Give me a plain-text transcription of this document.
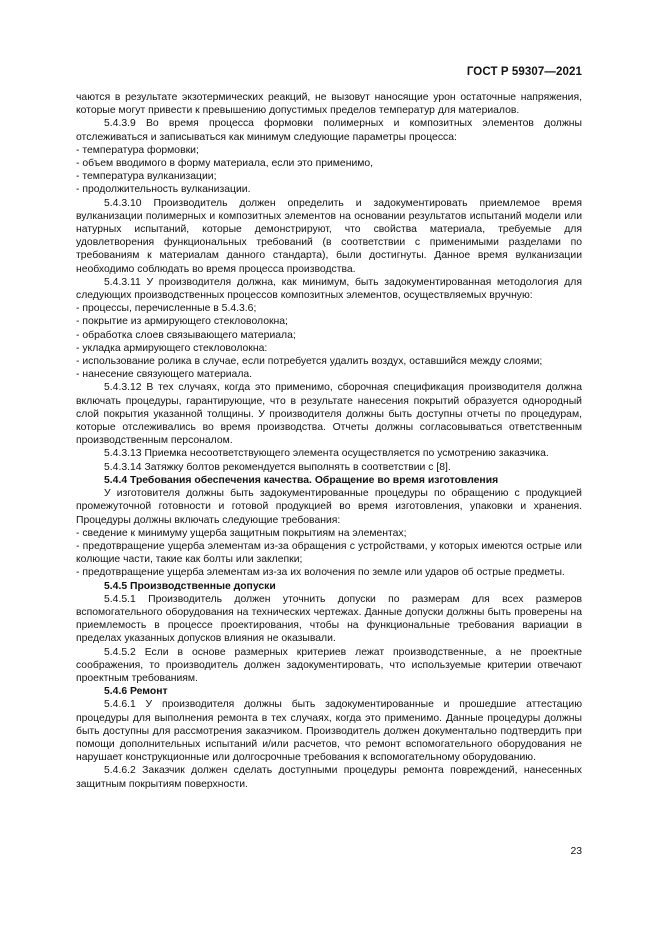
ГОСТ Р 59307—2021

чаются в результате экзотермических реакций, не вызовут наносящие урон остаточные напряжения, которые могут привести к превышению допустимых пределов температур для материалов.

5.4.3.9 Во время процесса формовки полимерных и композитных элементов должны отслеживаться и записываться как минимум следующие параметры процесса:

- температура формовки;

- объем вводимого в форму материала, если это применимо,

- температура вулканизации;

- продолжительность вулканизации.

5.4.3.10 Производитель должен определить и задокументировать приемлемое время вулканизации полимерных и композитных элементов на основании результатов испытаний модели или натурных испытаний, которые демонстрируют, что свойства материала, требуемые для удовлетворения функциональных требований (в соответствии с применимыми разделами по требованиям к материалам данного стандарта), были достигнуты. Данное время вулканизации необходимо соблюдать во время процесса производства.

5.4.3.11 У производителя должна, как минимум, быть задокументированная методология для следующих производственных процессов композитных элементов, осуществляемых вручную:

- процессы, перечисленные в 5.4.3.6;

- покрытие из армирующего стекловолокна;

- обработка слоев связывающего материала;

- укладка армирующего стекловолокна:

- использование ролика в случае, если потребуется удалить воздух, оставшийся между слоями;

- нанесение связующего материала.

5.4.3.12 В тех случаях, когда это применимо, сборочная спецификация производителя должна включать процедуры, гарантирующие, что в результате нанесения покрытий образуется однородный слой покрытия указанной толщины. У производителя должны быть доступны отчеты по процедурам, которые отслеживались во время производства. Отчеты должны согласовываться ответственным производственным персоналом.

5.4.3.13 Приемка несоответствующего элемента осуществляется по усмотрению заказчика.

5.4.3.14 Затяжку болтов рекомендуется выполнять в соответствии с [8].

5.4.4 Требования обеспечения качества. Обращение во время изготовления

У изготовителя должны быть задокументированные процедуры по обращению с продукцией промежуточной готовности и готовой продукцией во время изготовления, упаковки и хранения. Процедуры должны включать следующие требования:

- сведение к минимуму ущерба защитным покрытиям на элементах;

- предотвращение ущерба элементам из-за обращения с устройствами, у которых имеются острые или колющие части, такие как болты или заклепки;

- предотвращение ущерба элементам из-за их волочения по земле или ударов об острые предметы.

5.4.5 Производственные допуски

5.4.5.1 Производитель должен уточнить допуски по размерам для всех размеров вспомогательного оборудования на технических чертежах. Данные допуски должны быть проверены на приемлемость в процессе проектирования, чтобы на функциональные требования вариации в пределах указанных допусков влияния не оказывали.

5.4.5.2 Если в основе размерных критериев лежат производственные, а не проектные соображения, то производитель должен задокументировать, что используемые критерии отвечают проектным требованиям.

5.4.6 Ремонт

5.4.6.1 У производителя должны быть задокументированные и прошедшие аттестацию процедуры для выполнения ремонта в тех случаях, когда это применимо. Данные процедуры должны быть доступны для рассмотрения заказчиком. Производитель должен документально подтвердить при помощи дополнительных испытаний и/или расчетов, что ремонт вспомогательного оборудования не нарушает конструкционные или долгосрочные требования к вспомогательному оборудованию.

5.4.6.2 Заказчик должен сделать доступными процедуры ремонта повреждений, нанесенных защитным покрытиям поверхности.

23
